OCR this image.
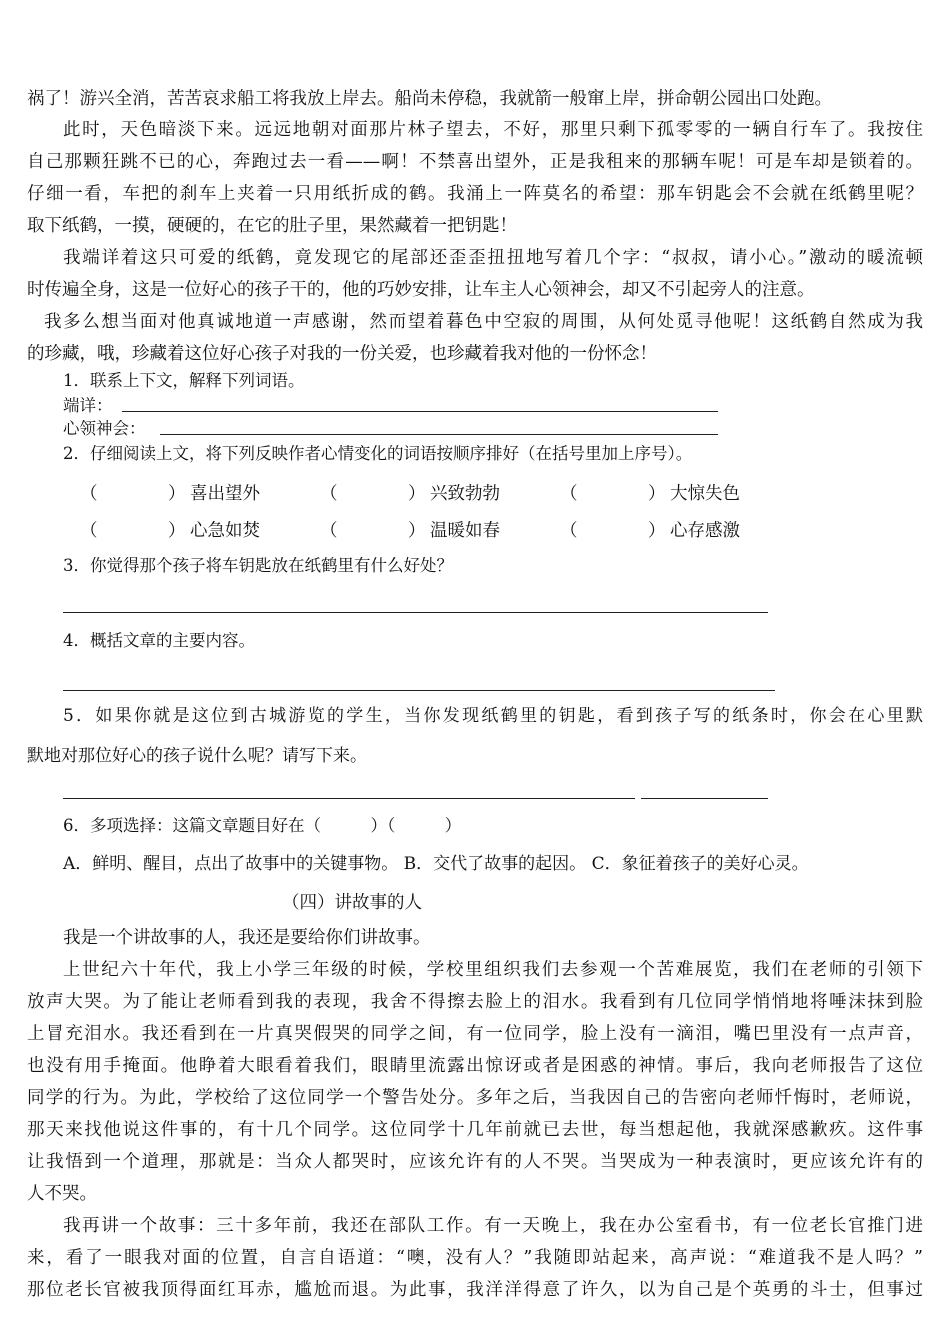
祸了！游兴全消，苦苦哀求船工将我放上岸去。船尚未停稳，我就箭一般窜上岸，拼命朝公园出口处跑。
此时，天色暗淡下来。远远地朝对面那片林子望去，不好，那里只剩下孤零零的一辆自行车了。我按住
自己那颗狂跳不已的心，奔跑过去一看——啊！不禁喜出望外，正是我租来的那辆车呢！可是车却是锁着的。
仔细一看，车把的刹车上夹着一只用纸折成的鹤。我涌上一阵莫名的希望：那车钥匙会不会就在纸鹤里呢？
取下纸鹤，一摸，硬硬的，在它的肚子里，果然藏着一把钥匙！
我端详着这只可爱的纸鹤，竟发现它的尾部还歪歪扭扭地写着几个字：“叔叔，请小心。”激动的暖流顿
时传遍全身，这是一位好心的孩子干的，他的巧妙安排，让车主人心领神会，却又不引起旁人的注意。
我多么想当面对他真诚地道一声感谢，然而望着暮色中空寂的周围，从何处觅寻他呢！这纸鹤自然成为我
的珍藏，哦，珍藏着这位好心孩子对我的一份关爱，也珍藏着我对他的一份怀念！
1．联系上下文，解释下列词语。
端详：
心领神会：
2．仔细阅读上文，将下列反映作者心情变化的词语按顺序排好（在括号里加上序号）。
（	） 喜出望外	（	） 兴致勃勃	（	） 大惊失色
（	） 心急如焚	（	） 温暖如春	（	） 心存感激
3．你觉得那个孩子将车钥匙放在纸鹤里有什么好处？
4．概括文章的主要内容。
5．如果你就是这位到古城游览的学生，当你发现纸鹤里的钥匙，看到孩子写的纸条时，你会在心里默
默地对那位好心的孩子说什么呢？请写下来。
6．多项选择：这篇文章题目好在（　　　）（　　　）
A．鲜明、醒目，点出了故事中的关键事物。 B．交代了故事的起因。 C．象征着孩子的美好心灵。
（四）讲故事的人
我是一个讲故事的人，我还是要给你们讲故事。
上世纪六十年代，我上小学三年级的时候，学校里组织我们去参观一个苦难展览，我们在老师的引领下
放声大哭。为了能让老师看到我的表现，我舍不得擦去脸上的泪水。我看到有几位同学悄悄地将唾沫抹到脸
上冒充泪水。我还看到在一片真哭假哭的同学之间，有一位同学，脸上没有一滴泪，嘴巴里没有一点声音，
也没有用手掩面。他睁着大眼看着我们，眼睛里流露出惊讶或者是困惑的神情。事后，我向老师报告了这位
同学的行为。为此，学校给了这位同学一个警告处分。多年之后，当我因自己的告密向老师忏悔时，老师说，
那天来找他说这件事的，有十几个同学。这位同学十几年前就已去世，每当想起他，我就深感歉疚。这件事
让我悟到一个道理，那就是：当众人都哭时，应该允许有的人不哭。当哭成为一种表演时，更应该允许有的
人不哭。
我再讲一个故事：三十多年前，我还在部队工作。有一天晚上，我在办公室看书，有一位老长官推门进
来，看了一眼我对面的位置，自言自语道：“噢，没有人？”我随即站起来，高声说：“难道我不是人吗？”
那位老长官被我顶得面红耳赤，尴尬而退。为此事，我洋洋得意了许久，以为自己是个英勇的斗士，但事过
